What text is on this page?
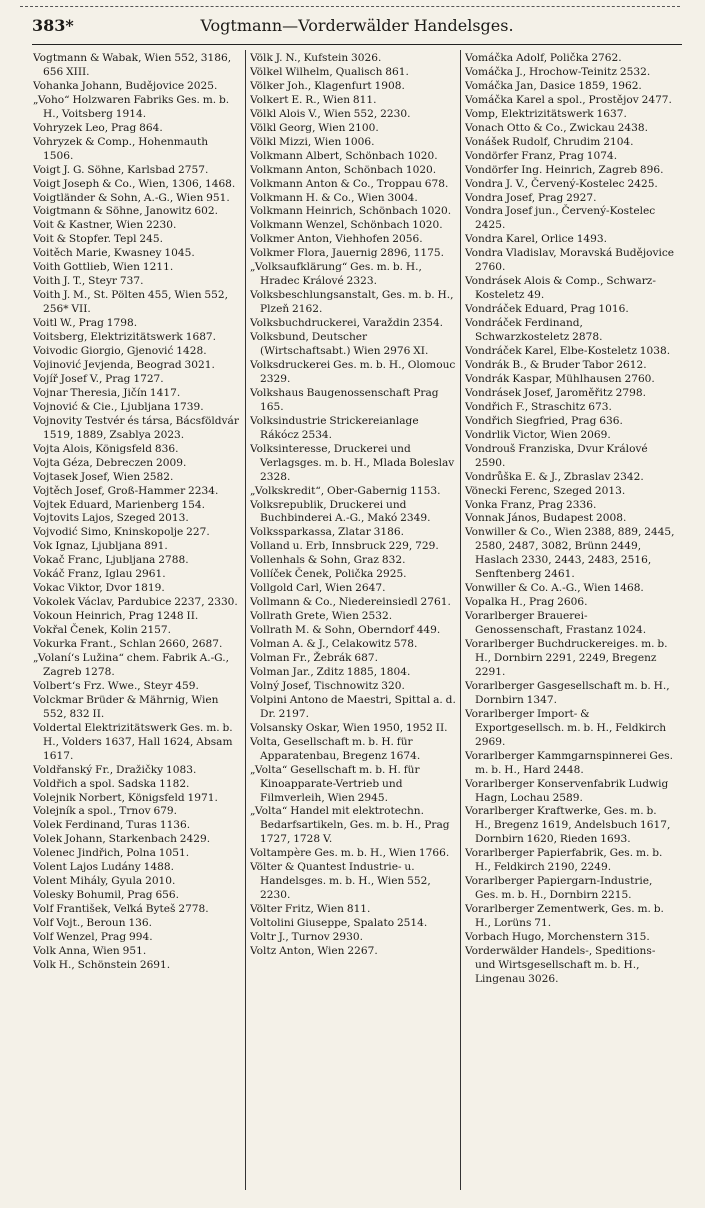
383*	Vogtmann—Vorderwälder Handelsges.
Vogtmann & Wabak, Wien 552, 3186, 656 XIII.
Vohanka Johann, Budějovice 2025.
„Voho“ Holzwaren Fabriks Ges. m. b. H., Voitsberg 1914.
Vohryzek Leo, Prag 864.
Vohryzek & Comp., Hohenmauth 1506.
Voigt J. G. Söhne, Karlsbad 2757.
Voigt Joseph & Co., Wien, 1306, 1468.
Voigtländer & Sohn, A.-G., Wien 951.
Voigtmann & Söhne, Janowitz 602.
Voit & Kastner, Wien 2230.
Voit & Stopfer. Tepl 245.
Voitěch Marie, Kwasney 1045.
Voith Gottlieb, Wien 1211.
Voith J. T., Steyr 737.
Voith J. M., St. Pölten 455, Wien 552, 256* VII.
Voitl W., Prag 1798.
Voitsberg, Elektrizitätswerk 1687.
Voivodic Giorgio, Gjenović 1428.
Vojinović Jevjenda, Beograd 3021.
Vojíř Josef V., Prag 1727.
Vojnar Theresia, Jičín 1417.
Vojnović & Cie., Ljubljana 1739.
Vojnovity Testvér és társa, Bácsföldvár 1519, 1889, Zsablya 2023.
Vojta Alois, Königsfeld 836.
Vojta Géza, Debreczen 2009.
Vojtasek Josef, Wien 2582.
Vojtěch Josef, Groß-Hammer 2234.
Vojtek Eduard, Marienberg 154.
Vojtovits Lajos, Szeged 2013.
Vojvodić Simo, Kninskopolje 227.
Vok Ignaz, Ljubljana 891.
Vokač Franc, Ljubljana 2788.
Vokáč Franz, Iglau 2961.
Vokac Viktor, Dvor 1819.
Vokolek Václav, Pardubice 2237, 2330.
Vokoun Heinrich, Prag 1248 II.
Vokřal Čenek, Kolin 2157.
Vokurka Frant., Schlan 2660, 2687.
„Volaní‘s Lužina“ chem. Fabrik A.-G., Zagreb 1278.
Volbert‘s Frz. Wwe., Steyr 459.
Volckmar Brüder & Mährnig, Wien 552, 832 II.
Voldertal Elektrizitätswerk Ges. m. b. H., Volders 1637, Hall 1624, Absam 1617.
Voldřanský Fr., Dražičky 1083.
Voldřich a spol. Sadska 1182.
Volejnik Norbert, Königsfeld 1971.
Volejník a spol., Trnov 679.
Volek Ferdinand, Turas 1136.
Volek Johann, Starkenbach 2429.
Volenec Jindřich, Polna 1051.
Volent Lajos Ludány 1488.
Volent Mihály, Gyula 2010.
Volesky Bohumil, Prag 656.
Volf František, Veľká Byteš 2778.
Volf Vojt., Beroun 136.
Volf Wenzel, Prag 994.
Volk Anna, Wien 951.
Volk H., Schönstein 2691.
Völk J. N., Kufstein 3026.
Völkel Wilhelm, Qualisch 861.
Völker Joh., Klagenfurt 1908.
Volkert E. R., Wien 811.
Völkl Alois V., Wien 552, 2230.
Völkl Georg, Wien 2100.
Völkl Mizzi, Wien 1006.
Volkmann Albert, Schönbach 1020.
Volkmann Anton, Schönbach 1020.
Volkmann Anton & Co., Troppau 678.
Volkmann H. & Co., Wien 3004.
Volkmann Heinrich, Schönbach 1020.
Volkmann Wenzel, Schönbach 1020.
Volkmer Anton, Viehhofen 2056.
Volkmer Flora, Jauernig 2896, 1175.
„Volksaufklärung“ Ges. m. b. H., Hradec Králové 2323.
Volksbeschlungsanstalt, Ges. m. b. H., Plzeň 2162.
Volksbuchdruckerei, Varaždin 2354.
Volksbund, Deutscher (Wirtschaftsabt.) Wien 2976 XI.
Volksdruckerei Ges. m. b. H., Olomouc 2329.
Volkshaus Baugenossenschaft Prag 165.
Volksindustrie Strickereianlage Rákócz 2534.
Volksinteresse, Druckerei und Verlagsges. m. b. H., Mlada Boleslav 2328.
„Volkskredit“, Ober-Gabernig 1153.
Volksrepublik, Druckerei und Buchbinderei A.-G., Makó 2349.
Volkssparkassa, Zlatar 3186.
Volland u. Erb, Innsbruck 229, 729.
Vollenhals & Sohn, Graz 832.
Vollíček Čenek, Polička 2925.
Vollgold Carl, Wien 2647.
Vollmann & Co., Niedereinsiedl 2761.
Vollrath Grete, Wien 2532.
Vollrath M. & Sohn, Oberndorf 449.
Volman A. & J., Celakowitz 578.
Volman Fr., Žebrák 687.
Volman Jar., Zditz 1885, 1804.
Volný Josef, Tischnowitz 320.
Volpini Antono de Maestri, Spittal a. d. Dr. 2197.
Volsansky Oskar, Wien 1950, 1952 II.
Volta, Gesellschaft m. b. H. für Apparatenbau, Bregenz 1674.
„Volta“ Gesellschaft m. b. H. für Kinoapparate-Vertrieb und Filmverleih, Wien 2945.
„Volta“ Handel mit elektrotechn. Bedarfsartikeln, Ges. m. b. H., Prag 1727, 1728 V.
Voltampère Ges. m. b. H., Wien 1766.
Völter & Quantest Industrie- u. Handelsges. m. b. H., Wien 552, 2230.
Völter Fritz, Wien 811.
Voltolini Giuseppe, Spalato 2514.
Voltr J., Turnov 2930.
Voltz Anton, Wien 2267.
Vomáčka Adolf, Polička 2762.
Vomáčka J., Hrochow-Teinitz 2532.
Vomáčka Jan, Dasice 1859, 1962.
Vomáčka Karel a spol., Prostějov 2477.
Vomp, Elektrizitätswerk 1637.
Vonach Otto & Co., Zwickau 2438.
Vonášek Rudolf, Chrudim 2104.
Vondörfer Franz, Prag 1074.
Vondörfer Ing. Heinrich, Zagreb 896.
Vondra J. V., Červený-Kostelec 2425.
Vondra Josef, Prag 2927.
Vondra Josef jun., Červený-Kostelec 2425.
Vondra Karel, Orlice 1493.
Vondra Vladislav, Moravská Budějovice 2760.
Vondrásek Alois & Comp., Schwarz-Kosteletz 49.
Vondráček Eduard, Prag 1016.
Vondráček Ferdinand, Schwarzkosteletz 2878.
Vondráček Karel, Elbe-Kosteletz 1038.
Vondrák B., & Bruder Tabor 2612.
Vondrák Kaspar, Mühlhausen 2760.
Vondrásek Josef, Jaroměřitz 2798.
Vondřich F., Straschitz 673.
Vondřich Siegfried, Prag 636.
Vondrlik Victor, Wien 2069.
Vondrouš Franziska, Dvur Králové 2590.
Vondrůška E. & J., Zbraslav 2342.
Vönecki Ferenc, Szeged 2013.
Vonka Franz, Prag 2336.
Vonnak János, Budapest 2008.
Vonwiller & Co., Wien 2388, 889, 2445, 2580, 2487, 3082, Brünn 2449, Haslach 2330, 2443, 2483, 2516, Senftenberg 2461.
Vonwiller & Co. A.-G., Wien 1468.
Vopalka H., Prag 2606.
Vorarlberger Brauerei-Genossenschaft, Frastanz 1024.
Vorarlberger Buchdruckereiges. m. b. H., Dornbirn 2291, 2249, Bregenz 2291.
Vorarlberger Gasgesellschaft m. b. H., Dornbirn 1347.
Vorarlberger Import- & Exportgesellsch. m. b. H., Feldkirch 2969.
Vorarlberger Kammgarnspinnerei Ges. m. b. H., Hard 2448.
Vorarlberger Konservenfabrik Ludwig Hagn, Lochau 2589.
Vorarlberger Kraftwerke, Ges. m. b. H., Bregenz 1619, Andelsbuch 1617, Dornbirn 1620, Rieden 1693.
Vorarlberger Papierfabrik, Ges. m. b. H., Feldkirch 2190, 2249.
Vorarlberger Papiergarn-Industrie, Ges. m. b. H., Dornbirn 2215.
Vorarlberger Zementwerk, Ges. m. b. H., Lorüns 71.
Vorbach Hugo, Morchenstern 315.
Vorderwälder Handels-, Speditions- und Wirtsgesellschaft m. b. H., Lingenau 3026.
